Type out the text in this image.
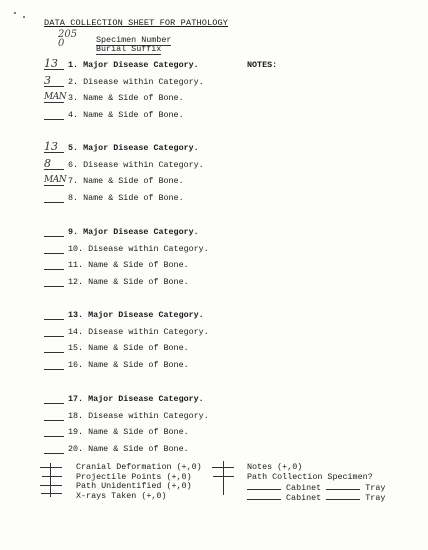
DATA COLLECTION SHEET FOR PATHOLOGY
205	Specimen Number
0	Burial Suffix
NOTES:
13	1. Major Disease Category.
3	2. Disease within Category.
MAN 3. Name & Side of Bone.
4. Name & Side of Bone.
13	5. Major Disease Category.
8	6. Disease within Category.
MAN 7. Name & Side of Bone.
8. Name & Side of Bone.
9. Major Disease Category.
10. Disease within Category.
11. Name & Side of Bone.
12. Name & Side of Bone.
13. Major Disease Category.
14. Disease within Category.
15. Name & Side of Bone.
16. Name & Side of Bone.
17. Major Disease Category.
18. Disease within Category.
19. Name & Side of Bone.
20. Name & Side of Bone.
Cranial Deformation (+,0)
Projectile Points (+,0)
Path Unidentified (+,0)
X-rays Taken (+,0)
Notes (+,0)
Path Collection Specimen?
Cabinet	Tray
Cabinet	Tray
